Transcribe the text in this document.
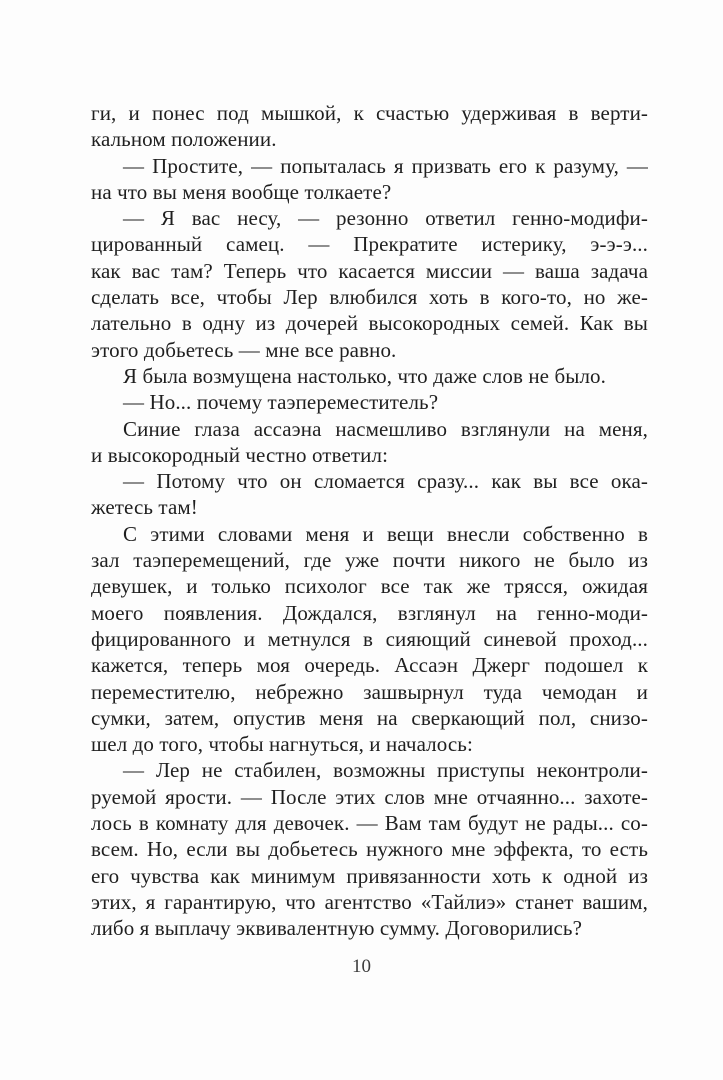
ги, и понес под мышкой, к счастью удерживая в верти-
кальном положении.
— Простите, — попыталась я призвать его к разуму, —
на что вы меня вообще толкаете?
— Я вас несу, — резонно ответил генно-модифи-
цированный самец. — Прекратите истерику, э-э-э...
как вас там? Теперь что касается миссии — ваша задача
сделать все, чтобы Лер влюбился хоть в кого-то, но же-
лательно в одну из дочерей высокородных семей. Как вы
этого добьетесь — мне все равно.
Я была возмущена настолько, что даже слов не было.
— Но... почему таэпереместитель?
Синие глаза ассаэна насмешливо взглянули на меня,
и высокородный честно ответил:
— Потому что он сломается сразу... как вы все ока-
жетесь там!
С этими словами меня и вещи внесли собственно в
зал таэперемещений, где уже почти никого не было из
девушек, и только психолог все так же трясся, ожидая
моего появления. Дождался, взглянул на генно-моди-
фицированного и метнулся в сияющий синевой проход...
кажется, теперь моя очередь. Ассаэн Джерг подошел к
переместителю, небрежно зашвырнул туда чемодан и
сумки, затем, опустив меня на сверкающий пол, снизо-
шел до того, чтобы нагнуться, и началось:
— Лер не стабилен, возможны приступы неконтроли-
руемой ярости. — После этих слов мне отчаянно... захоте-
лось в комнату для девочек. — Вам там будут не рады... со-
всем. Но, если вы добьетесь нужного мне эффекта, то есть
его чувства как минимум привязанности хоть к одной из
этих, я гарантирую, что агентство «Тайлиэ» станет вашим,
либо я выплачу эквивалентную сумму. Договорились?
10
